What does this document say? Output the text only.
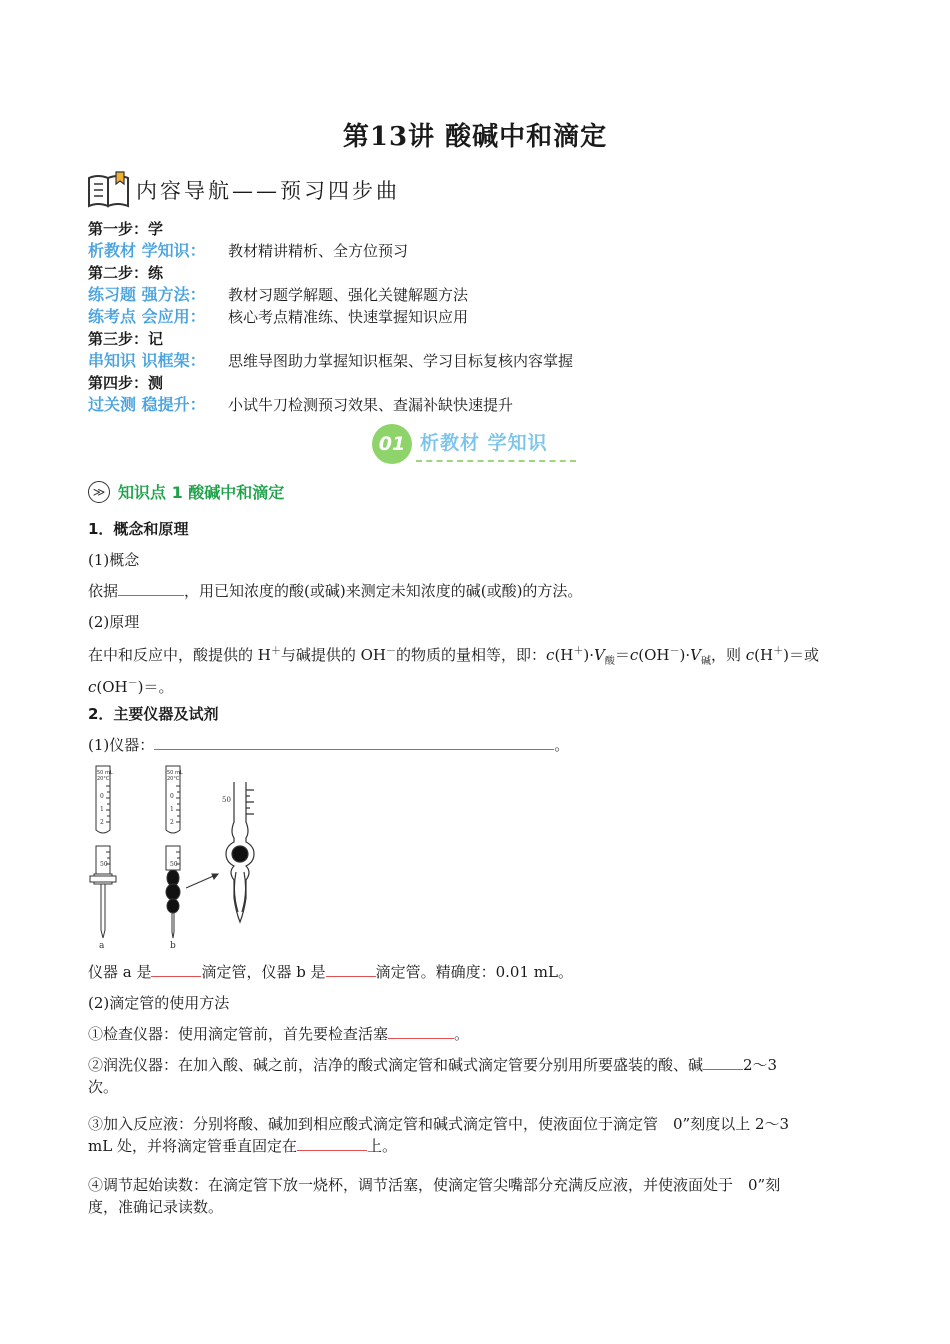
第13讲 酸碱中和滴定
内容导航——预习四步曲
第一步：学
析教材 学知识： 教材精讲精析、全方位预习
第二步：练
练习题 强方法： 教材习题学解题、强化关键解题方法
练考点 会应用： 核心考点精准练、快速掌握知识应用
第三步：记
串知识 识框架： 思维导图助力掌握知识框架、学习目标复核内容掌握
第四步：测
过关测 稳提升： 小试牛刀检测预习效果、查漏补缺快速提升
01 析教材 学知识
≫ 知识点 1 酸碱中和滴定
1．概念和原理
(1)概念
依据	，用已知浓度的酸(或碱)来测定未知浓度的碱(或酸)的方法。
(2)原理
在中和反应中，酸提供的 H＋与碱提供的 OH－的物质的量相等，即：$c(H^+)\cdot V_酸=c(OH^-)\cdot V_碱$，则 c(H＋)＝或
c(OH－)＝。
2．主要仪器及试剂
(1)仪器：	。
50 mL
20°C
0
1
2
50
50 mL
20°C
0
1
2
50
50
a	b
仪器 a 是	滴定管，仪器 b 是	滴定管。精确度：0.01 mL。
(2)滴定管的使用方法
①检查仪器：使用滴定管前，首先要检查活塞	。
②润洗仪器：在加入酸、碱之前，洁净的酸式滴定管和碱式滴定管要分别用所要盛装的酸、碱	2～3
次。
③加入反应液：分别将酸、碱加到相应酸式滴定管和碱式滴定管中，使液面位于滴定管　0”刻度以上 2～3
mL 处，并将滴定管垂直固定在	上。
④调节起始读数：在滴定管下放一烧杯，调节活塞，使滴定管尖嘴部分充满反应液，并使液面处于　0”刻
度，准确记录读数。
